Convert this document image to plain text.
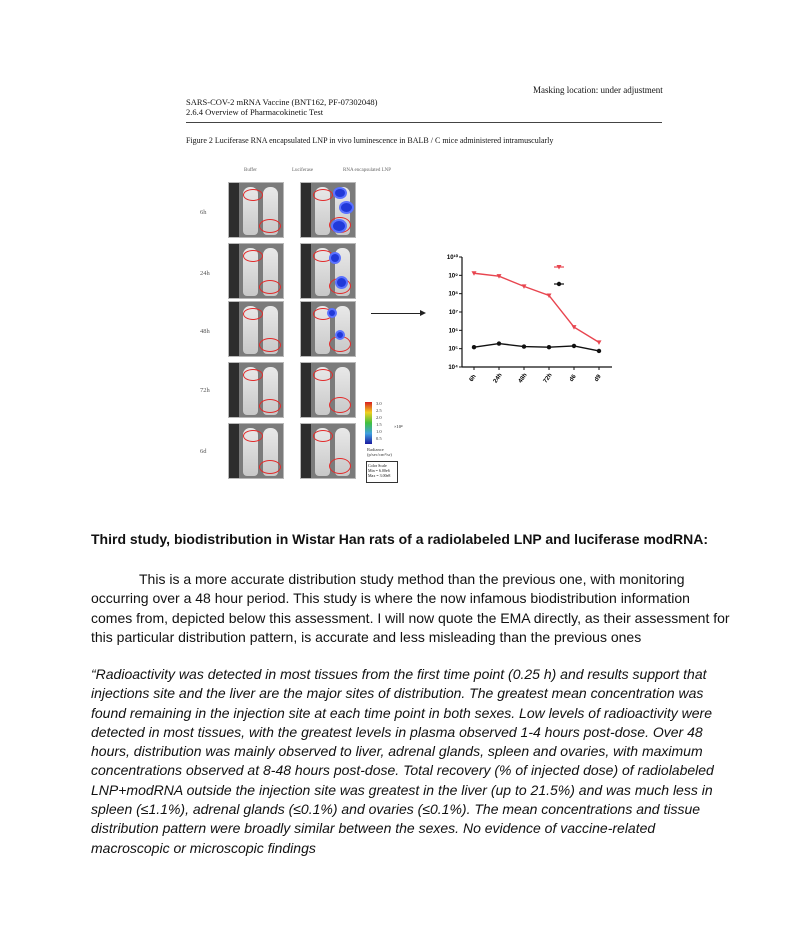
Masking location: under adjustment
SARS-COV-2 mRNA Vaccine (BNT162, PF-07302048)
2.6.4 Overview of Pharmacokinetic Test
Figure 2 Luciferase RNA encapsulated LNP in vivo luminescence in BALB / C mice administered intramuscularly
Buffer	Luciferase	RNA encapsulated LNP
6h
24h
48h
72h
6d
3.0
2.5
2.0
1.5
1.0
0.5
×10⁸
Radiance
(p/sec/cm²/sr)
Color Scale
Min = 6.00e6
Max = 3.00e8
10¹⁰
10⁹
10⁸
10⁷
10⁶
10⁵
10⁴
6h	24h 48h 72h	d6	d9
Third study, biodistribution in Wistar Han rats of a radiolabeled LNP and luciferase modRNA:
This is a more accurate distribution study method than the previous one, with monitoring occurring over a 48 hour period. This study is where the now infamous biodistribution information comes from, depicted below this assessment. I will now quote the EMA directly, as their assessment for this particular distribution pattern, is accurate and less misleading than the previous ones
“Radioactivity was detected in most tissues from the first time point (0.25 h) and results support that injections site and the liver are the major sites of distribution. The greatest mean concentration was found remaining in the injection site at each time point in both sexes. Low levels of radioactivity were detected in most tissues, with the greatest levels in plasma observed 1-4 hours post-dose. Over 48 hours, distribution was mainly observed to liver, adrenal glands, spleen and ovaries, with maximum concentrations observed at 8-48 hours post-dose. Total recovery (% of injected dose) of radiolabeled LNP+modRNA outside the injection site was greatest in the liver (up to 21.5%) and was much less in spleen (≤1.1%), adrenal glands (≤0.1%) and ovaries (≤0.1%). The mean concentrations and tissue distribution pattern were broadly similar between the sexes. No evidence of vaccine-related macroscopic or microscopic findings
